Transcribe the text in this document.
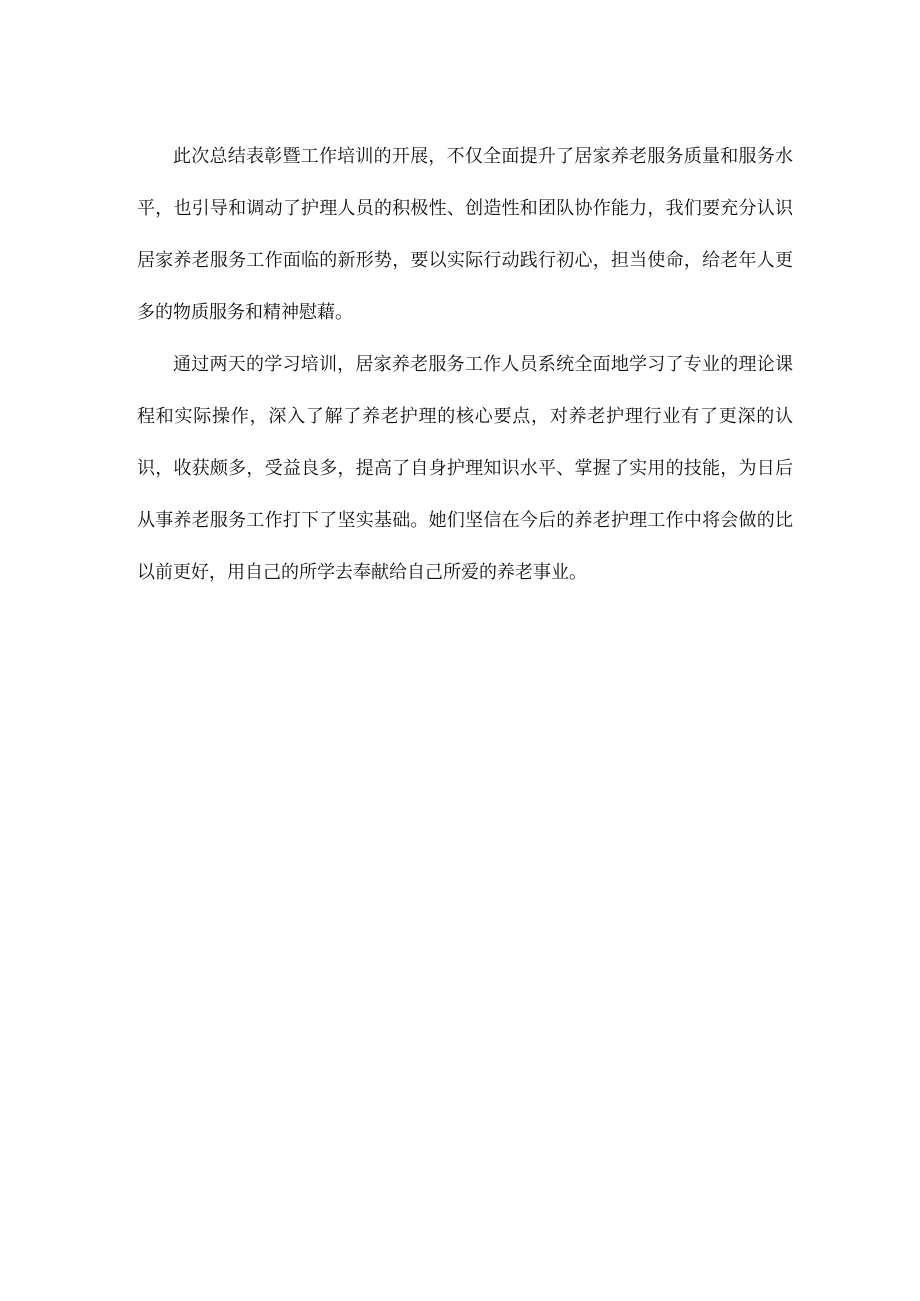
此次总结表彰暨工作培训的开展，不仅全面提升了居家养老服务质量和服务水平，也引导和调动了护理人员的积极性、创造性和团队协作能力，我们要充分认识居家养老服务工作面临的新形势，要以实际行动践行初心，担当使命，给老年人更多的物质服务和精神慰藉。

通过两天的学习培训，居家养老服务工作人员系统全面地学习了专业的理论课程和实际操作，深入了解了养老护理的核心要点，对养老护理行业有了更深的认识，收获颇多，受益良多，提高了自身护理知识水平、掌握了实用的技能，为日后从事养老服务工作打下了坚实基础。她们坚信在今后的养老护理工作中将会做的比以前更好，用自己的所学去奉献给自己所爱的养老事业。
